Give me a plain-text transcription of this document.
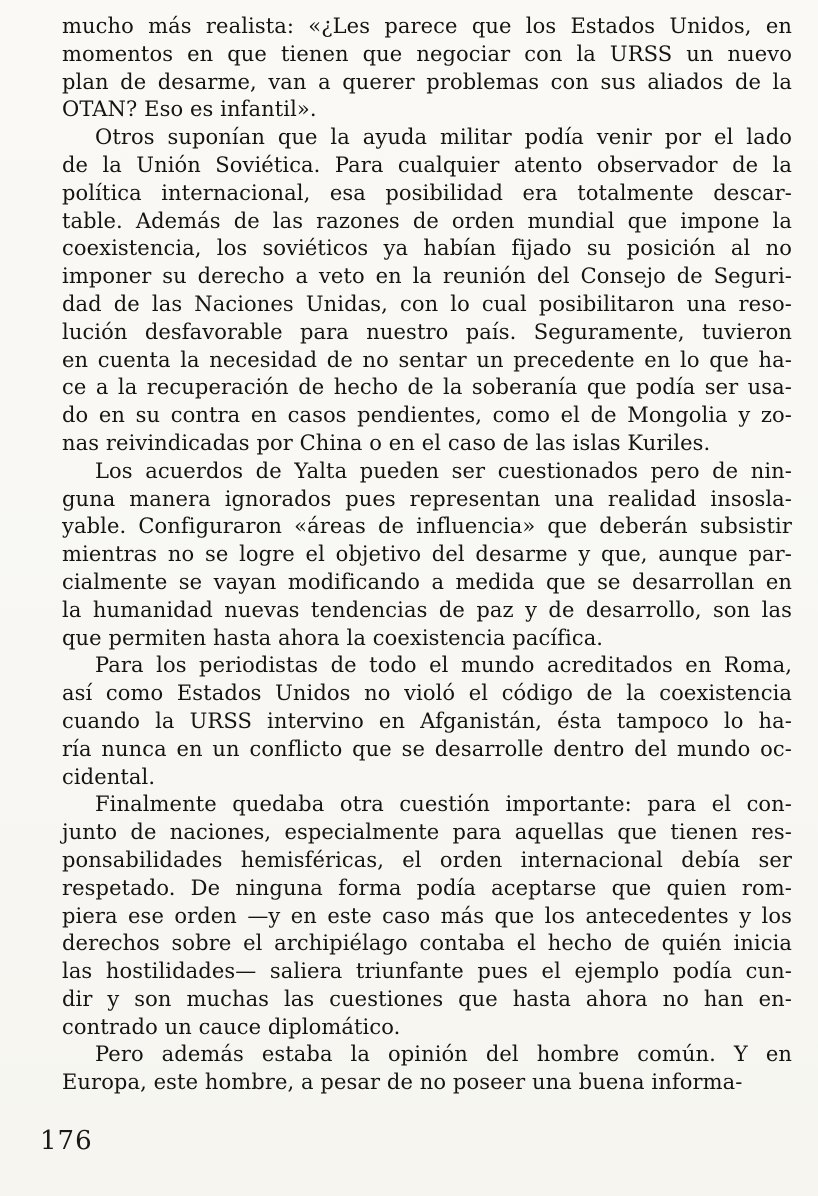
mucho más realista: «¿Les parece que los Estados Unidos, en
momentos en que tienen que negociar con la URSS un nuevo
plan de desarme, van a querer problemas con sus aliados de la
OTAN? Eso es infantil».
Otros suponían que la ayuda militar podía venir por el lado
de la Unión Soviética. Para cualquier atento observador de la
política internacional, esa posibilidad era totalmente descar-
table. Además de las razones de orden mundial que impone la
coexistencia, los soviéticos ya habían fijado su posición al no
imponer su derecho a veto en la reunión del Consejo de Seguri-
dad de las Naciones Unidas, con lo cual posibilitaron una reso-
lución desfavorable para nuestro país. Seguramente, tuvieron
en cuenta la necesidad de no sentar un precedente en lo que ha-
ce a la recuperación de hecho de la soberanía que podía ser usa-
do en su contra en casos pendientes, como el de Mongolia y zo-
nas reivindicadas por China o en el caso de las islas Kuriles.
Los acuerdos de Yalta pueden ser cuestionados pero de nin-
guna manera ignorados pues representan una realidad insosla-
yable. Configuraron «áreas de influencia» que deberán subsistir
mientras no se logre el objetivo del desarme y que, aunque par-
cialmente se vayan modificando a medida que se desarrollan en
la humanidad nuevas tendencias de paz y de desarrollo, son las
que permiten hasta ahora la coexistencia pacífica.
Para los periodistas de todo el mundo acreditados en Roma,
así como Estados Unidos no violó el código de la coexistencia
cuando la URSS intervino en Afganistán, ésta tampoco lo ha-
ría nunca en un conflicto que se desarrolle dentro del mundo oc-
cidental.
Finalmente quedaba otra cuestión importante: para el con-
junto de naciones, especialmente para aquellas que tienen res-
ponsabilidades hemisféricas, el orden internacional debía ser
respetado. De ninguna forma podía aceptarse que quien rom-
piera ese orden —y en este caso más que los antecedentes y los
derechos sobre el archipiélago contaba el hecho de quién inicia
las hostilidades— saliera triunfante pues el ejemplo podía cun-
dir y son muchas las cuestiones que hasta ahora no han en-
contrado un cauce diplomático.
Pero además estaba la opinión del hombre común. Y en
Europa, este hombre, a pesar de no poseer una buena informa-
176
